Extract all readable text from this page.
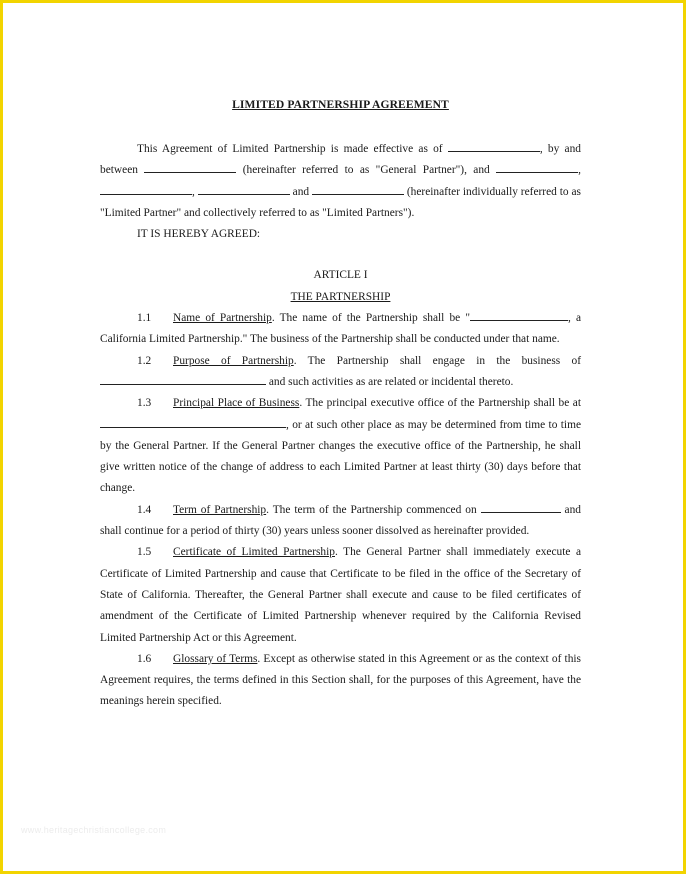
LIMITED PARTNERSHIP AGREEMENT

This Agreement of Limited Partnership is made effective as of	, by and between	(hereinafter referred to as "General Partner"), and	, ,	and	(hereinafter individually referred to as "Limited Partner" and collectively referred to as "Limited Partners").

IT IS HEREBY AGREED:

ARTICLE I

THE PARTNERSHIP

1.1 Name of Partnership. The name of the Partnership shall be "	, a California Limited Partnership." The business of the Partnership shall be conducted under that name.

1.2 Purpose of Partnership. The Partnership shall engage in the business of  and such activities as are related or incidental thereto.

1.3 Principal Place of Business. The principal executive office of the Partnership shall be at , or at such other place as may be determined from time to time by the General Partner. If the General Partner changes the executive office of the Partnership, he shall give written notice of the change of address to each Limited Partner at least thirty (30) days before that change.

1.4 Term of Partnership. The term of the Partnership commenced on	and shall continue for a period of thirty (30) years unless sooner dissolved as hereinafter provided.

1.5 Certificate of Limited Partnership. The General Partner shall immediately execute a Certificate of Limited Partnership and cause that Certificate to be filed in the office of the Secretary of State of California. Thereafter, the General Partner shall execute and cause to be filed certificates of amendment of the Certificate of Limited Partnership whenever required by the California Revised Limited Partnership Act or this Agreement.

1.6 Glossary of Terms. Except as otherwise stated in this Agreement or as the context of this Agreement requires, the terms defined in this Section shall, for the purposes of this Agreement, have the meanings herein specified.

www.heritagechristiancollege.com
